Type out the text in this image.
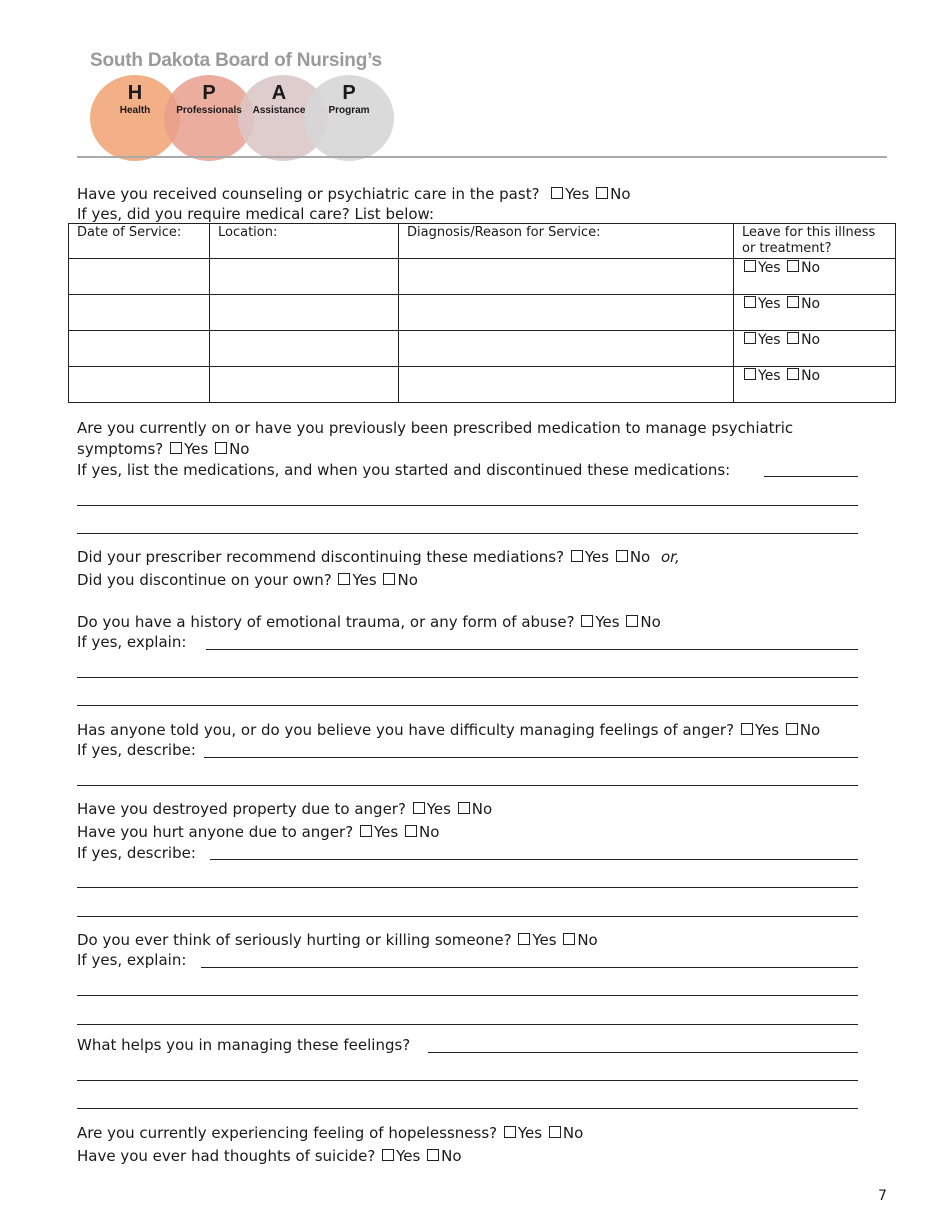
South Dakota Board of Nursing’s
H	P	A	P
Health	Professionals	Assistance	Program
Have you received counseling or psychiatric care in the past? Yes No
If yes, did you require medical care? List below:
Date of Service:	Location:	Diagnosis/Reason for Service:	Leave for this illness or treatment?
			Yes No
			Yes No
			Yes No
			Yes No
Are you currently on or have you previously been prescribed medication to manage psychiatric
symptoms? Yes No
If yes, list the medications, and when you started and discontinued these medications:
Did your prescriber recommend discontinuing these mediations? Yes No or,
Did you discontinue on your own? Yes No
Do you have a history of emotional trauma, or any form of abuse? Yes No
If yes, explain:
Has anyone told you, or do you believe you have difficulty managing feelings of anger? Yes No
If yes, describe:
Have you destroyed property due to anger? Yes No
Have you hurt anyone due to anger? Yes No
If yes, describe:
Do you ever think of seriously hurting or killing someone? Yes No
If yes, explain:
What helps you in managing these feelings?
Are you currently experiencing feeling of hopelessness? Yes No
Have you ever had thoughts of suicide? Yes No
7
